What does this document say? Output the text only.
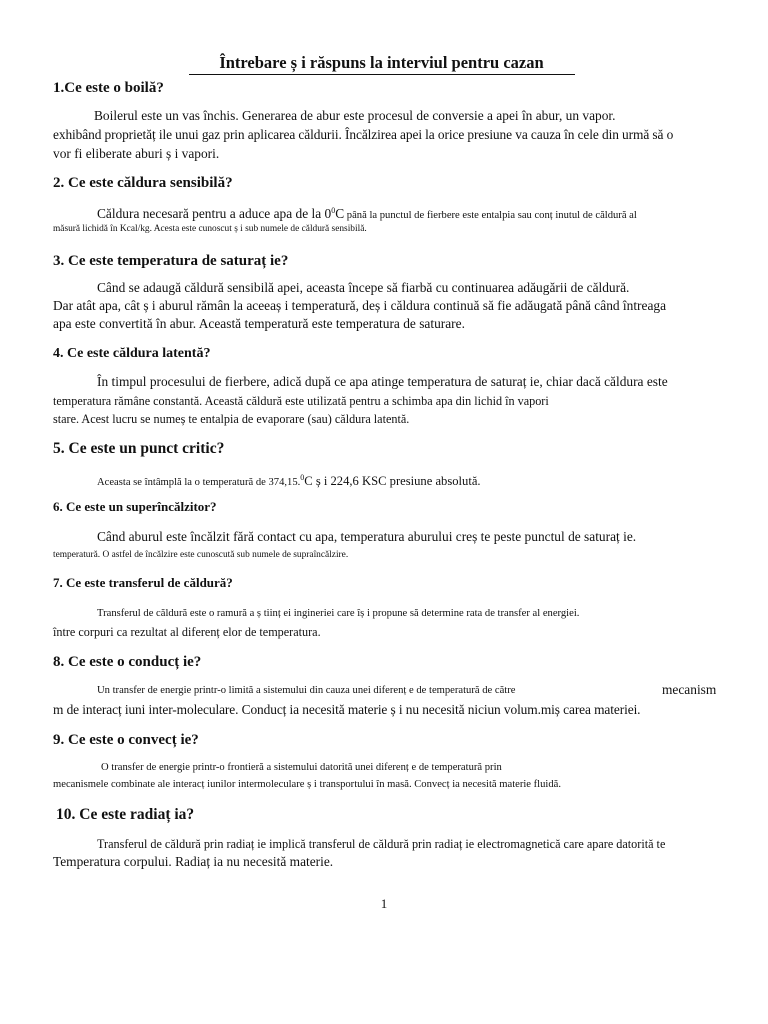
Întrebare ș i răspuns la interviul pentru cazan
1.Ce este o boilă?
Boilerul este un vas închis. Generarea de abur este procesul de conversie a apei în abur, un vapor.
exhibând proprietăț ile unui gaz prin aplicarea căldurii. Încălzirea apei la orice presiune va cauza în cele din urmă să o
vor fi eliberate aburi ș i vapori.
2. Ce este căldura sensibilă?
Căldura necesară pentru a aduce apa de la $0^0C$ până la punctul de fierbere este entalpia sau conț inutul de căldură al
măsură lichidă în Kcal/kg. Acesta este cunoscut ș i sub numele de căldură sensibilă.
3. Ce este temperatura de saturaț ie?
Când se adaugă căldură sensibilă apei, aceasta începe să fiarbă cu continuarea adăugării de căldură.
Dar atât apa, cât ș i aburul rămân la aceeaș i temperatură, deș i căldura continuă să fie adăugată până când întreaga
apa este convertită în abur. Această temperatură este temperatura de saturare.
4. Ce este căldura latentă?
În timpul procesului de fierbere, adică după ce apa atinge temperatura de saturaț ie, chiar dacă căldura este
temperatura rămâne constantă. Această căldură este utilizată pentru a schimba apa din lichid în vapori
stare. Acest lucru se numeș te entalpia de evaporare (sau) căldura latentă.
5. Ce este un punct critic?
Aceasta se întâmplă la o temperatură de 374,15.$^0$C ș i 224,6 KSC presiune absolută.
6. Ce este un superîncălzitor?
Când aburul este încălzit fără contact cu apa, temperatura aburului creș te peste punctul de saturaț ie.
temperatură. O astfel de încălzire este cunoscută sub numele de supraîncălzire.
7. Ce este transferul de căldură?
Transferul de căldură este o ramură a ș tiinț ei ingineriei care îș i propune să determine rata de transfer al energiei.
între corpuri ca rezultat al diferenț elor de temperatura.
8. Ce este o conducț ie?
Un transfer de energie printr-o limită a sistemului din cauza unei diferenț e de temperatură de către	mecanism
m de interacț iuni inter-moleculare. Conducț ia necesită materie ș i nu necesită niciun volum.miș carea materiei.
9. Ce este o convecț ie?
O transfer de energie printr-o frontieră a sistemului datorită unei diferenț e de temperatură prin
mecanismele combinate ale interacț iunilor intermoleculare ș i transportului în masă. Convecț ia necesită materie fluidă.
10. Ce este radiaț ia?
Transferul de căldură prin radiaț ie implică transferul de căldură prin radiaț ie electromagnetică care apare datorită te
Temperatura corpului. Radiaț ia nu necesită materie.
1
